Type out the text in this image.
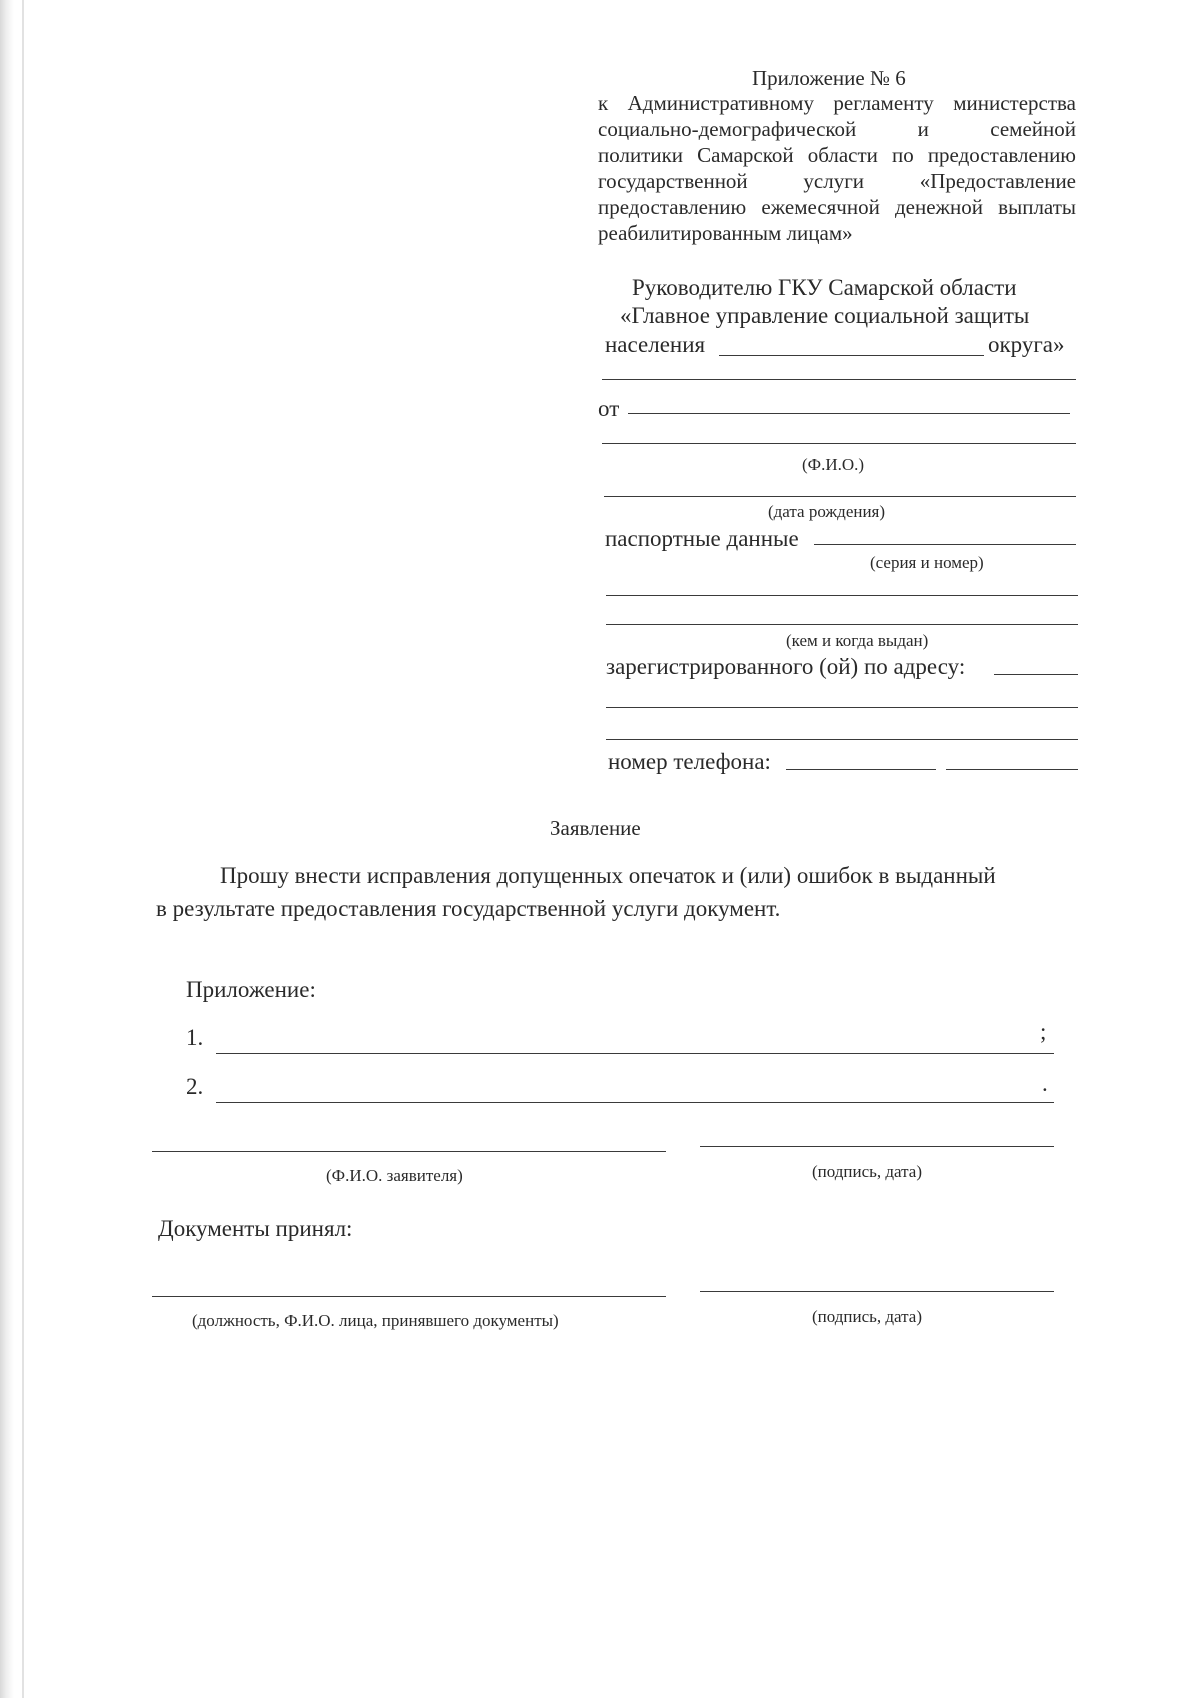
Приложение № 6
к Административному регламенту министерства
социально-демографической и семейной
политики Самарской области по предоставлению
государственной услуги «Предоставление
предоставлению ежемесячной денежной выплаты
реабилитированным лицам»
Руководителю ГКУ Самарской области
«Главное управление социальной защиты
населения	округа»
от
(Ф.И.О.)
(дата рождения)
паспортные данные
(серия и номер)
(кем и когда выдан)
зарегистрированного (ой) по адресу:
номер телефона:
Заявление
Прошу внести исправления допущенных опечаток и (или) ошибок в выданный
в результате предоставления государственной услуги документ.
Приложение:
1.	;
2.	.
(Ф.И.О. заявителя)	(подпись, дата)
Документы принял:
(должность, Ф.И.О. лица, принявшего документы)	(подпись, дата)
